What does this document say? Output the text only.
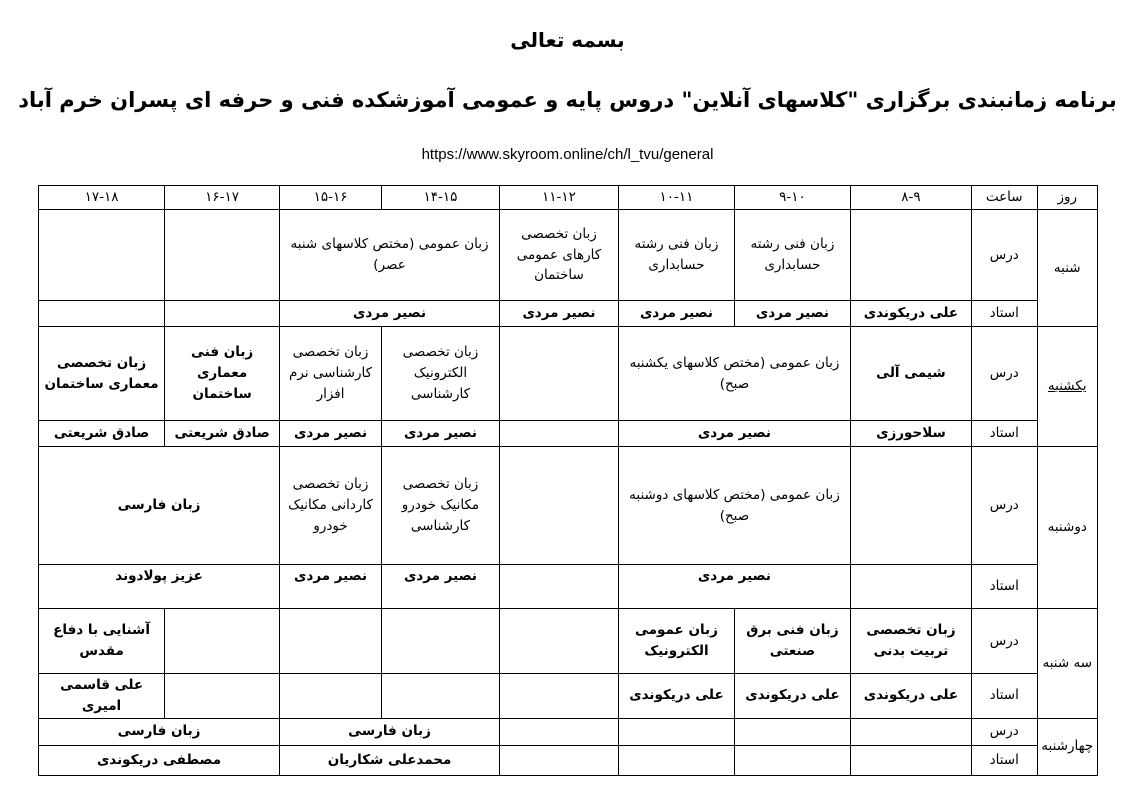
بسمه تعالی
برنامه زمانبندی برگزاری "کلاسهای آنلاین" دروس پایه و عمومی آموزشکده فنی و حرفه ای پسران خرم آباد
https://www.skyroom.online/ch/l_tvu/general
روز	ساعت	۸-۹	۹-۱۰	۱۰-۱۱	۱۱-۱۲	۱۴-۱۵	۱۵-۱۶	۱۶-۱۷	۱۷-۱۸
شنبه	درس		زبان فنی رشته حسابداری	زبان فنی رشته حسابداری	زبان تخصصی کارهای عمومی ساختمان	زبان عمومی (مختص کلاسهای شنبه عصر)			
	استاد	علی دریکوندی	نصیر مردی	نصیر مردی	نصیر مردی	نصیر مردی			
یکشنبه	درس	شیمی آلی	زبان عمومی (مختص کلاسهای یکشنبه صبح)			زبان تخصصی الکترونیک کارشناسی	زبان تخصصی کارشناسی نرم افزار	زبان فنی معماری ساختمان	زبان تخصصی معماری ساختمان
	استاد	سلاحورزی	نصیر مردی			نصیر مردی	نصیر مردی	صادق شریعتی	صادق شریعتی
دوشنبه	درس		زبان عمومی (مختص کلاسهای دوشنبه صبح)			زبان تخصصی مکانیک خودرو کارشناسی	زبان تخصصی کاردانی مکانیک خودرو	زبان فارسی	
	استاد		نصیر مردی			نصیر مردی	نصیر مردی	عزیز پولادوند	
سه شنبه	درس	زبان تخصصی تربیت بدنی	زبان فنی برق صنعتی	زبان عمومی الکترونیک					آشنایی با دفاع مقدس
	استاد	علی دریکوندی	علی دریکوندی	علی دریکوندی					علی قاسمی امیری
چهارشنبه	درس					زبان فارسی		زبان فارسی	
	استاد					محمدعلی شکاریان		مصطفی دریکوندی	
